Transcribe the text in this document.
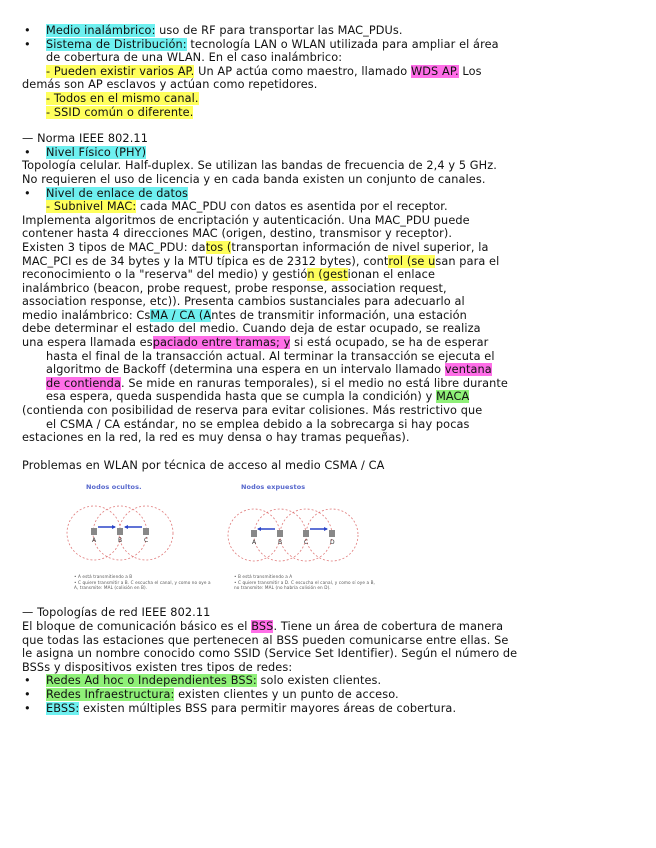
• Medio inalámbrico: uso de RF para transportar las MAC_PDUs.
• Sistema de Distribución: tecnología LAN o WLAN utilizada para ampliar el área
de cobertura de una WLAN. En el caso inalámbrico:
- Pueden existir varios AP. Un AP actúa como maestro, llamado WDS AP. Los
demás son AP esclavos y actúan como repetidores.
- Todos en el mismo canal.
- SSID común o diferente.
— Norma IEEE 802.11
• Nivel Físico (PHY)
Topología celular. Half-duplex. Se utilizan las bandas de frecuencia de 2,4 y 5 GHz.
No requieren el uso de licencia y en cada banda existen un conjunto de canales.
• Nivel de enlace de datos
- Subnivel MAC: cada MAC_PDU con datos es asentida por el receptor.
Implementa algoritmos de encriptación y autenticación. Una MAC_PDU puede
contener hasta 4 direcciones MAC (origen, destino, transmisor y receptor).
Existen 3 tipos de MAC_PDU: datos (transportan información de nivel superior, la
MAC_PCI es de 34 bytes y la MTU típica es de 2312 bytes), control (se usan para el
reconocimiento o la "reserva" del medio) y gestión (gestionan el enlace
inalámbrico (beacon, probe request, probe response, association request,
association response, etc)). Presenta cambios sustanciales para adecuarlo al
medio inalámbrico: CsMA / CA (Antes de transmitir información, una estación
debe determinar el estado del medio. Cuando deja de estar ocupado, se realiza
una espera llamada espaciado entre tramas; y si está ocupado, se ha de esperar
hasta el final de la transacción actual. Al terminar la transacción se ejecuta el
algoritmo de Backoff (determina una espera en un intervalo llamado ventana
de contienda. Se mide en ranuras temporales), si el medio no está libre durante
esa espera, queda suspendida hasta que se cumpla la condición) y MACA
(contienda con posibilidad de reserva para evitar colisiones. Más restrictivo que
el CSMA / CA estándar, no se emplea debido a la sobrecarga si hay pocas
estaciones en la red, la red es muy densa o hay tramas pequeñas).
Problemas en WLAN por técnica de acceso al medio CSMA / CA
Nodos ocultos.	Nodos expuestos
A	B	C	A	B	C	D
• A está transmitiendo a B
• C quiere transmitir a B. C escucha el canal, y como no oye a
A, transmite: MAL (colisión en B).
• B está transmitiendo a A
• C quiere transmitir a D. C escucha el canal, y como sí oye a B,
no transmite: MAL (no habría colisión en D).
— Topologías de red IEEE 802.11
El bloque de comunicación básico es el BSS. Tiene un área de cobertura de manera
que todas las estaciones que pertenecen al BSS pueden comunicarse entre ellas. Se
le asigna un nombre conocido como SSID (Service Set Identifier). Según el número de
BSSs y dispositivos existen tres tipos de redes:
• Redes Ad hoc o Independientes BSS: solo existen clientes.
• Redes Infraestructura: existen clientes y un punto de acceso.
• EBSS: existen múltiples BSS para permitir mayores áreas de cobertura.
